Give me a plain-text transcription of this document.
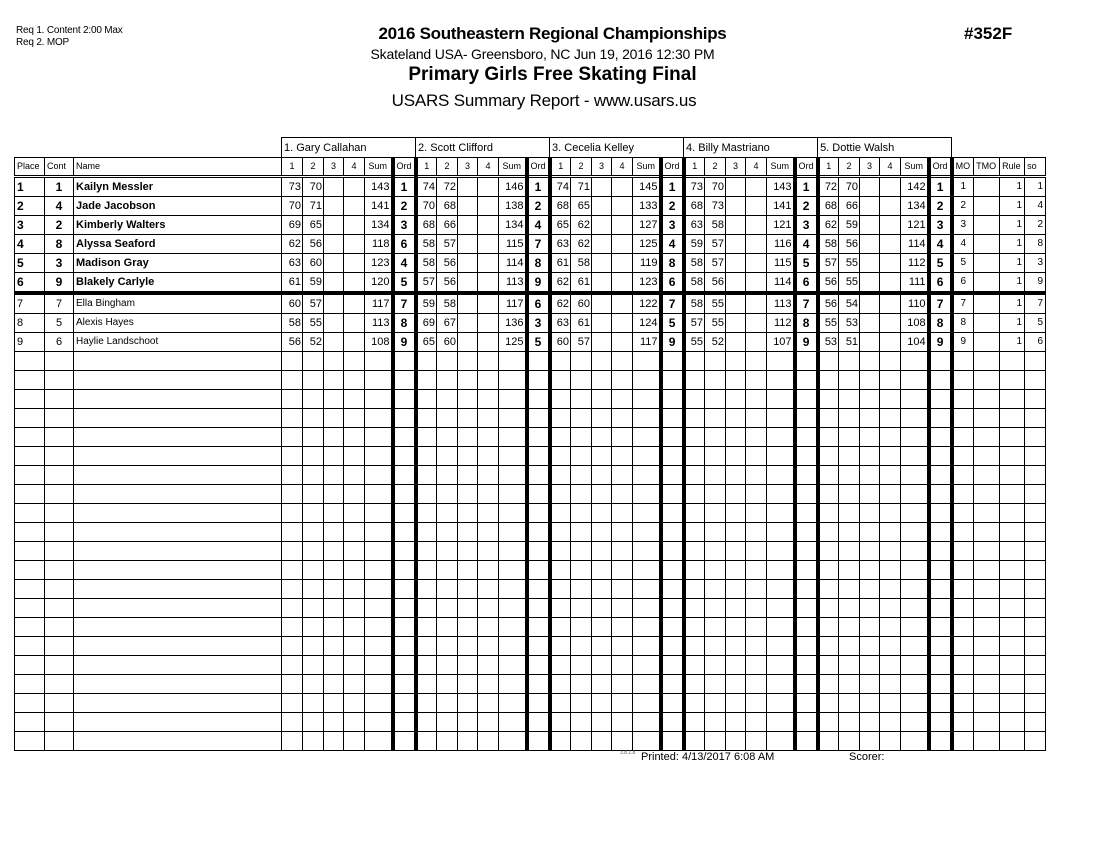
Req 1. Content 2:00 Max
Req 2. MOP	2016 Southeastern Regional Championships
Skateland USA- Greensboro, NC Jun 19, 2016 12:30 PM
Primary Girls Free Skating Final
USARS Summary Report - www.usars.us
#352F
			1. Gary Callahan						2. Scott Clifford						3. Cecelia Kelley						4. Billy Mastriano						5. Dottie Walsh									
Place	Cont	Name	1	2	3	4	Sum	Ord	1	2	3	4	Sum	Ord	1	2	3	4	Sum	Ord	1	2	3	4	Sum	Ord	1	2	3	4	Sum	Ord	MO	TMO	Rule	so
1	1	Kailyn Messler	73	70			143	1	74	72			146	1	74	71			145	1	73	70			143	1	72	70			142	1	1		1	1
2	4	Jade Jacobson	70	71			141	2	70	68			138	2	68	65			133	2	68	73			141	2	68	66			134	2	2		1	4
3	2	Kimberly Walters	69	65			134	3	68	66			134	4	65	62			127	3	63	58			121	3	62	59			121	3	3		1	2
4	8	Alyssa Seaford	62	56			118	6	58	57			115	7	63	62			125	4	59	57			116	4	58	56			114	4	4		1	8
5	3	Madison Gray	63	60			123	4	58	56			114	8	61	58			119	8	58	57			115	5	57	55			112	5	5		1	3
6	9	Blakely Carlyle	61	59			120	5	57	56			113	9	62	61			123	6	58	56			114	6	56	55			111	6	6		1	9
7	7	Ella Bingham	60	57			117	7	59	58			117	6	62	60			122	7	58	55			113	7	56	54			110	7	7		1	7
8	5	Alexis Hayes	58	55			113	8	69	67			136	3	63	61			124	5	57	55			112	8	55	53			108	8	8		1	5
9	6	Haylie Landschoot	56	52			108	9	65	60			125	5	60	57			117	9	55	52			107	9	53	51			104	9	9		1	6

3.8.1.8 Printed: 4/13/2017 6:08 AM	Scorer:
